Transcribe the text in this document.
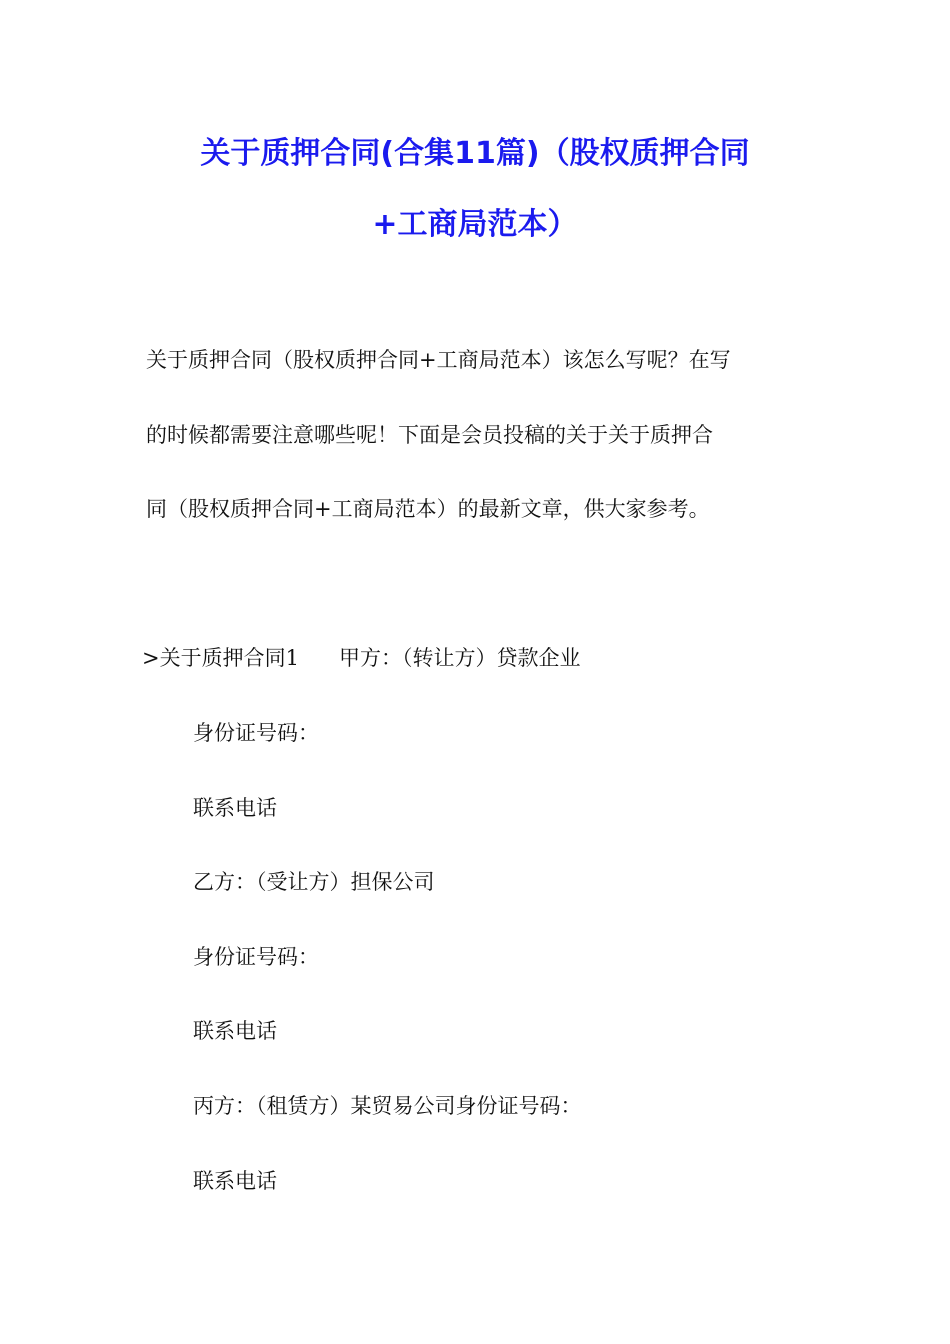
关于质押合同(合集11篇)（股权质押合同
+工商局范本）
关于质押合同（股权质押合同+工商局范本）该怎么写呢？在写
的时候都需要注意哪些呢！下面是会员投稿的关于关于质押合
同（股权质押合同+工商局范本）的最新文章，供大家参考。
>关于质押合同1 甲方：（转让方）贷款企业
身份证号码：
联系电话
乙方：（受让方）担保公司
身份证号码：
联系电话
丙方：（租赁方）某贸易公司身份证号码：
联系电话
